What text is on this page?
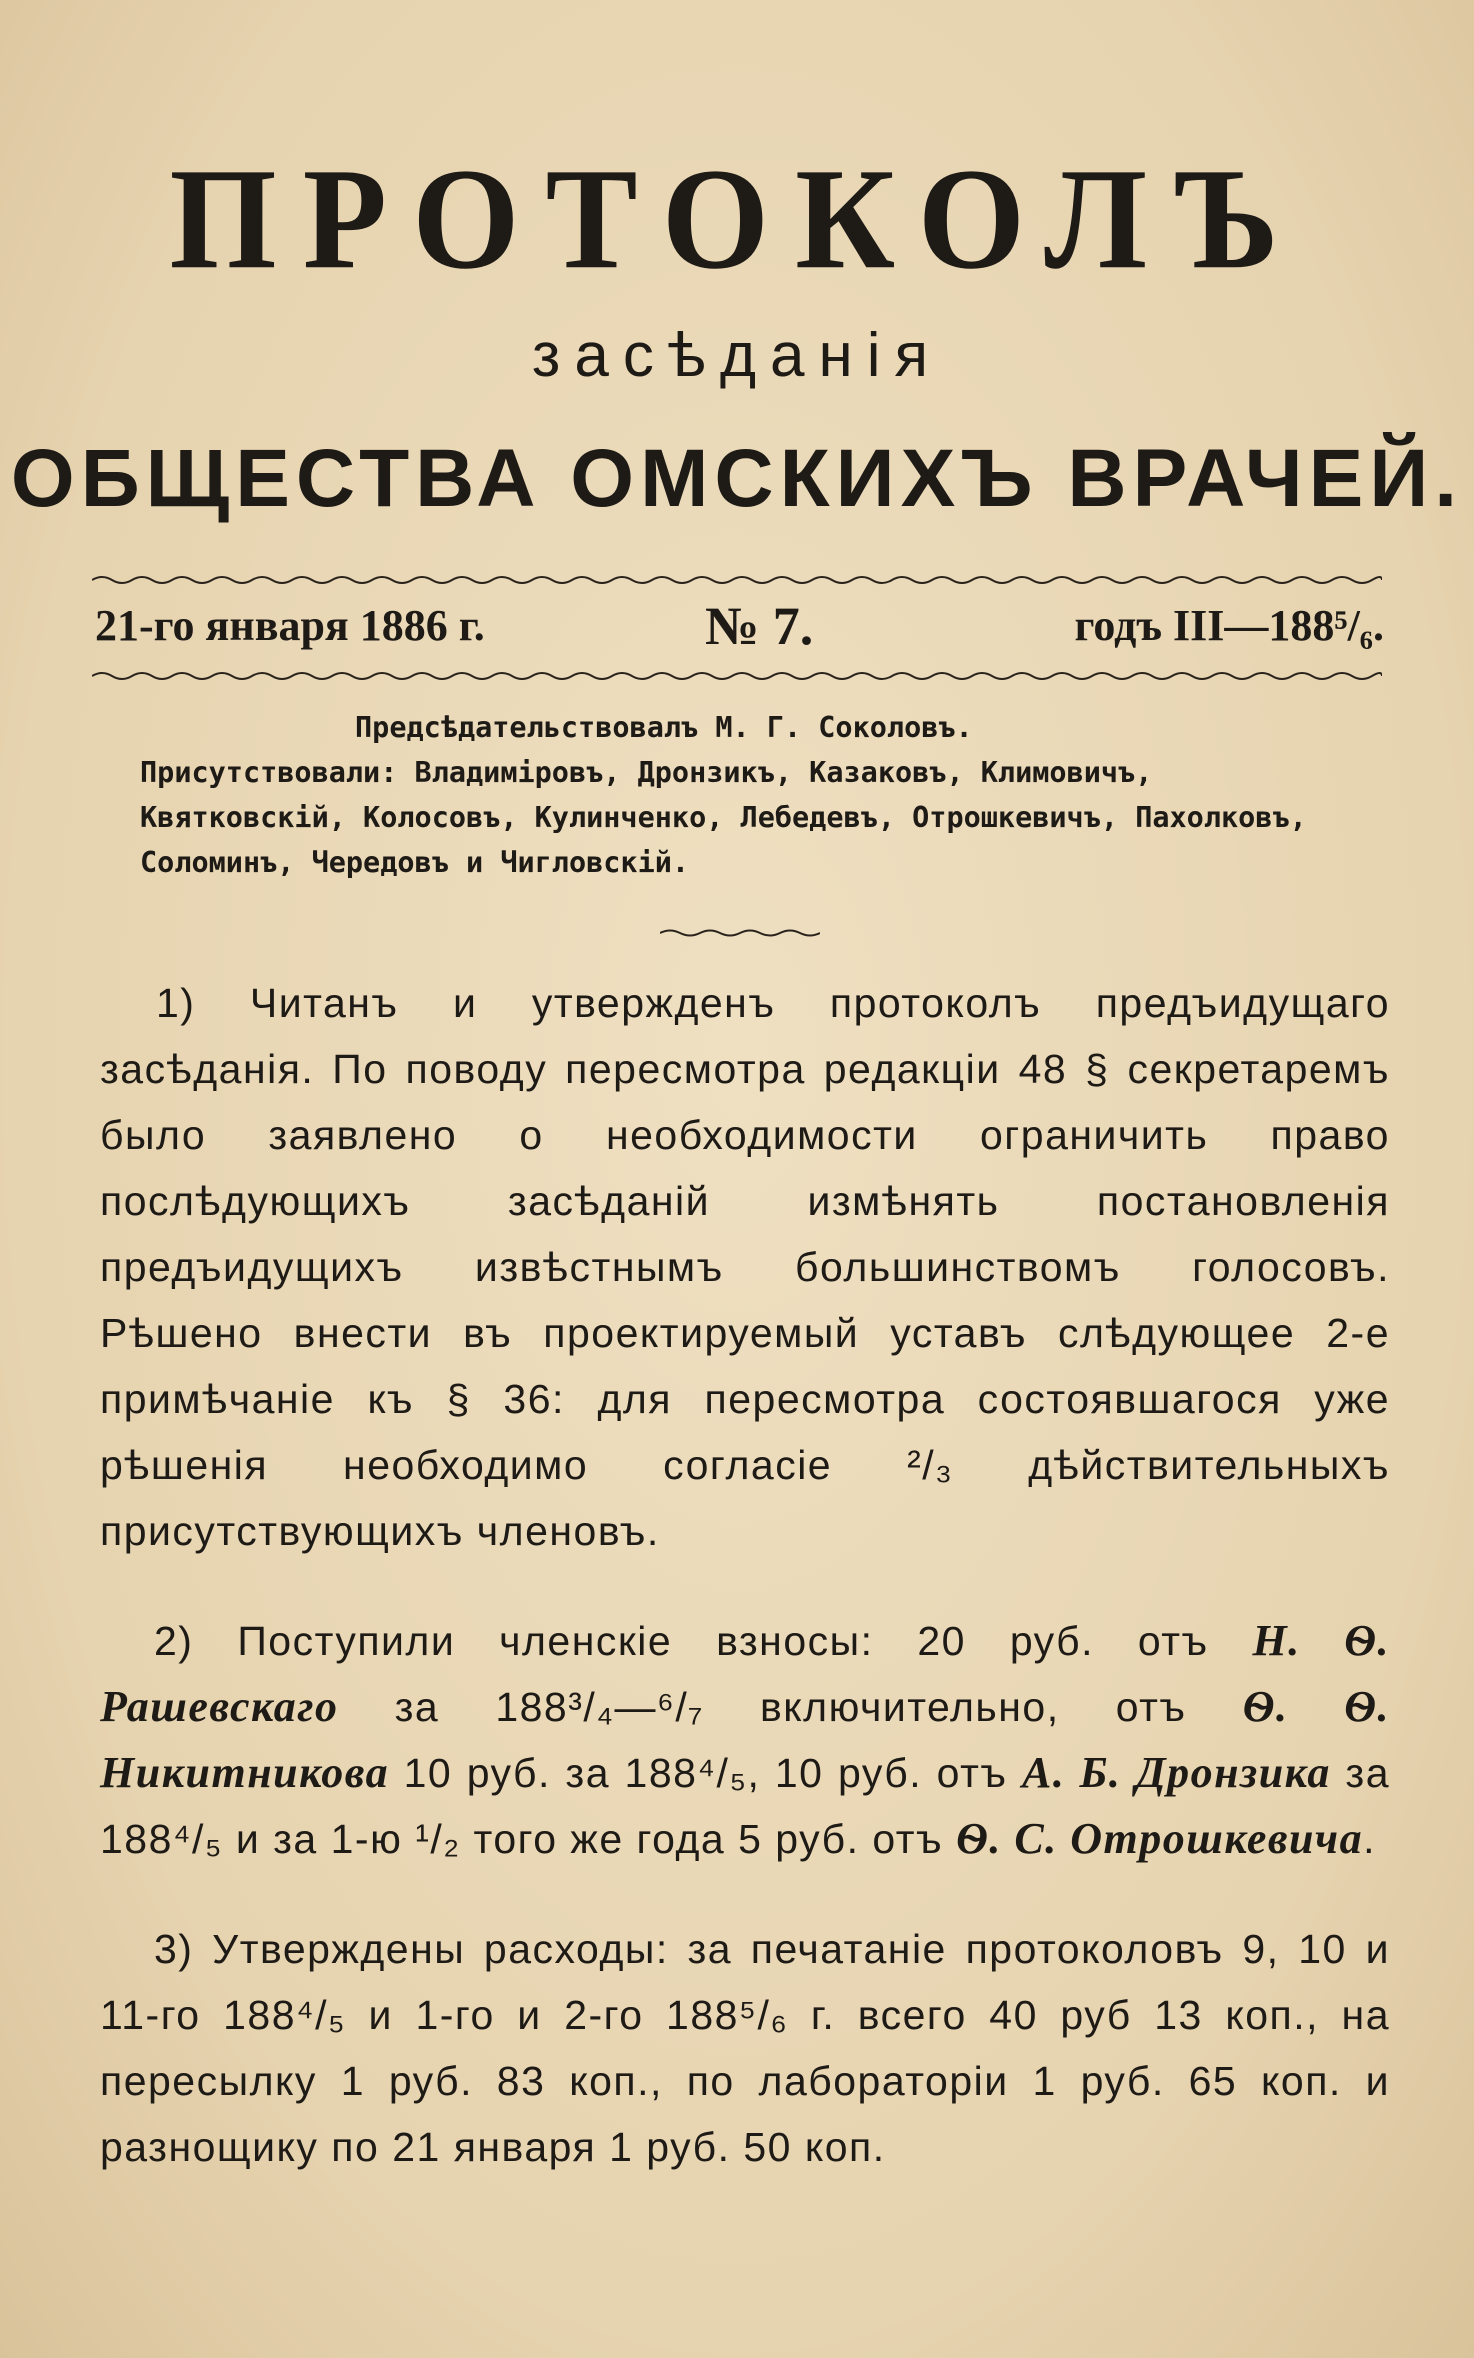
ПРОТОКОЛЪ
засѣданія
ОБЩЕСТВА ОМСКИХЪ ВРАЧЕЙ.
21-го января 1886 г.	№ 7.	годъ III—188⁵/₆.

Предсѣдательствовалъ М. Г. Соколовъ.

Присутствовали: Владиміровъ, Дронзикъ, Казаковъ, Климовичъ, Квятковскій, Колосовъ, Кулинченко, Лебедевъ, Отрошкевичъ, Пахолковъ, Соломинъ, Чередовъ и Чигловскій.

1) Читанъ и утвержденъ протоколъ предъидущаго засѣданія. По поводу пересмотра редакціи 48 § секретаремъ было заявлено о необходимости ограничить право послѣдующихъ засѣданій измѣнять постановленія предъидущихъ извѣстнымъ большинствомъ голосовъ. Рѣшено внести въ проектируемый уставъ слѣдующее 2-е примѣчаніе къ § 36: для пересмотра состоявшагося уже рѣшенія необходимо согласіе ²/₃ дѣйствительныхъ присутствующихъ членовъ.

2) Поступили членскіе взносы: 20 руб. отъ Н. Ѳ. Рашевскаго за 188³/₄—⁶/₇ включительно, отъ Ѳ. Ѳ. Никитникова 10 руб. за 188⁴/₅, 10 руб. отъ А. Б. Дронзика за 188⁴/₅ и за 1-ю ¹/₂ того же года 5 руб. отъ Ѳ. С. Отрошкевича.

3) Утверждены расходы: за печатаніе протоколовъ 9, 10 и 11-го 188⁴/₅ и 1-го и 2-го 188⁵/₆ г. всего 40 руб 13 коп., на пересылку 1 руб. 83 коп., по лабораторіи 1 руб. 65 коп. и разнощику по 21 января 1 руб. 50 коп.
